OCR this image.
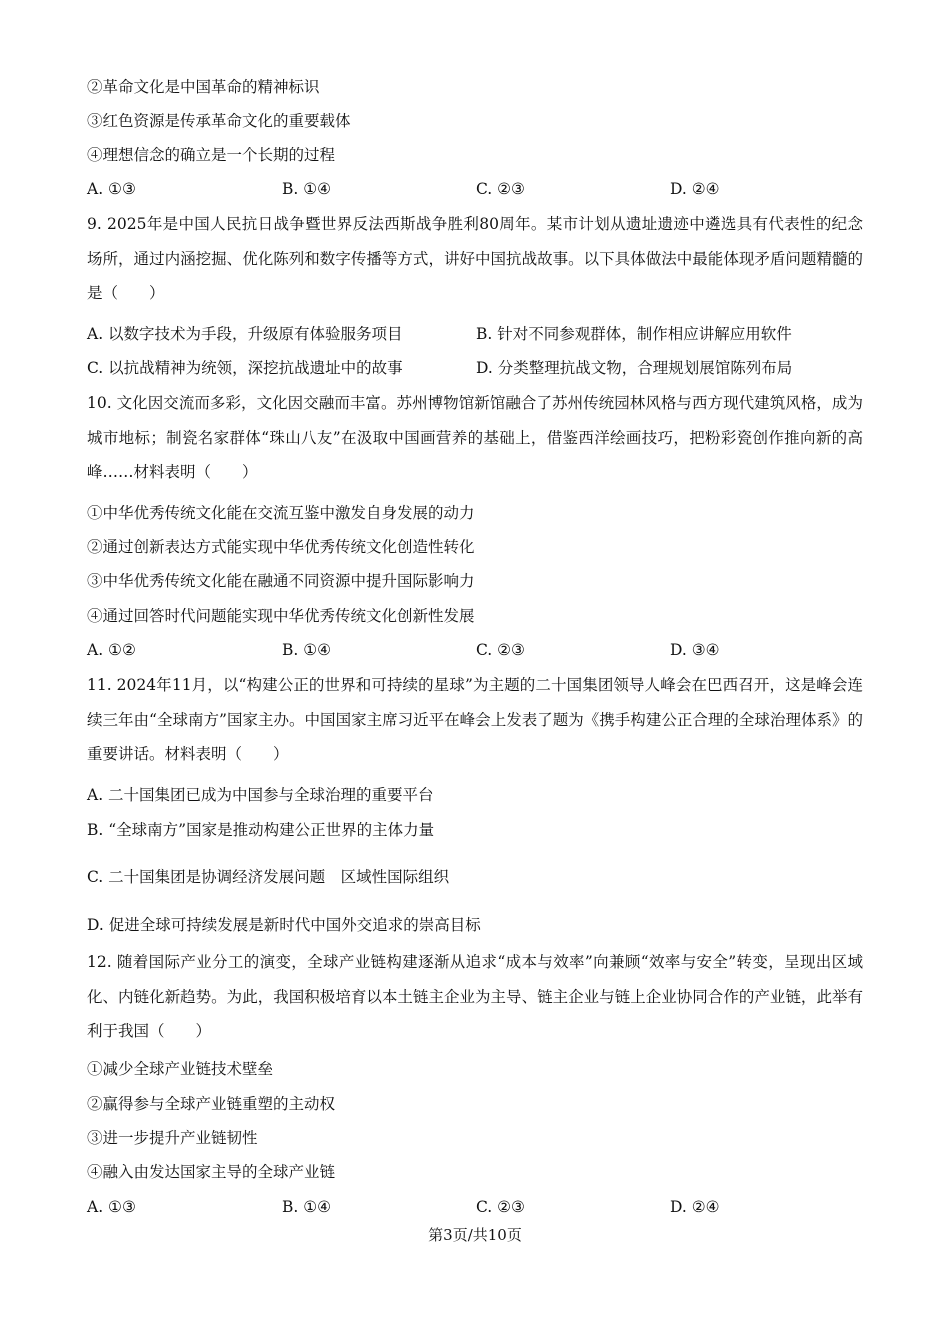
②革命文化是中国革命的精神标识
③红色资源是传承革命文化的重要载体
④理想信念的确立是一个长期的过程
A. ①③	B. ①④	C. ②③	D. ②④
9. 2025年是中国人民抗日战争暨世界反法西斯战争胜利80周年。某市计划从遗址遗迹中遴选具有代表性的纪念场所，通过内涵挖掘、优化陈列和数字传播等方式，讲好中国抗战故事。以下具体做法中最能体现矛盾问题精髓的是（　　）
A. 以数字技术为手段，升级原有体验服务项目	B. 针对不同参观群体，制作相应讲解应用软件
C. 以抗战精神为统领，深挖抗战遗址中的故事	D. 分类整理抗战文物，合理规划展馆陈列布局
10. 文化因交流而多彩，文化因交融而丰富。苏州博物馆新馆融合了苏州传统园林风格与西方现代建筑风格，成为城市地标；制瓷名家群体“珠山八友”在汲取中国画营养的基础上，借鉴西洋绘画技巧，把粉彩瓷创作推向新的高峰……材料表明（　　）
①中华优秀传统文化能在交流互鉴中激发自身发展的动力
②通过创新表达方式能实现中华优秀传统文化创造性转化
③中华优秀传统文化能在融通不同资源中提升国际影响力
④通过回答时代问题能实现中华优秀传统文化创新性发展
A. ①②	B. ①④	C. ②③	D. ③④
11. 2024年11月，以“构建公正的世界和可持续的星球”为主题的二十国集团领导人峰会在巴西召开，这是峰会连续三年由“全球南方”国家主办。中国国家主席习近平在峰会上发表了题为《携手构建公正合理的全球治理体系》的重要讲话。材料表明（　　）
A. 二十国集团已成为中国参与全球治理的重要平台
B. “全球南方”国家是推动构建公正世界的主体力量
C. 二十国集团是协调经济发展问题　区域性国际组织
D. 促进全球可持续发展是新时代中国外交追求的崇高目标
12. 随着国际产业分工的演变，全球产业链构建逐渐从追求“成本与效率”向兼顾“效率与安全”转变，呈现出区域化、内链化新趋势。为此，我国积极培育以本土链主企业为主导、链主企业与链上企业协同合作的产业链，此举有利于我国（　　）
①减少全球产业链技术壁垒
②赢得参与全球产业链重塑的主动权
③进一步提升产业链韧性
④融入由发达国家主导的全球产业链
A. ①③	B. ①④	C. ②③	D. ②④
第3页/共10页
